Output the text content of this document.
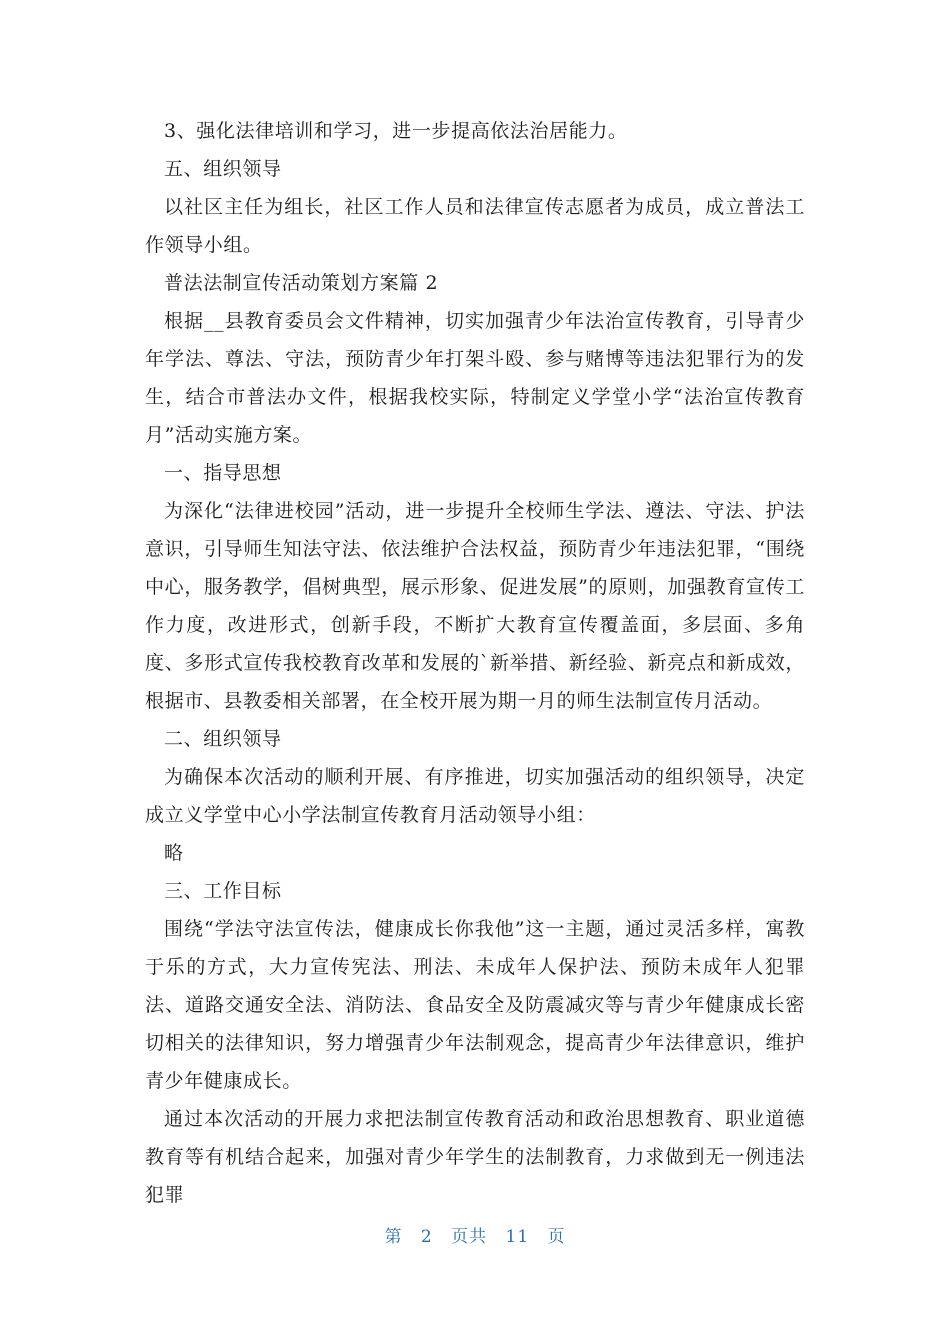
3、强化法律培训和学习，进一步提高依法治居能力。

五、组织领导

以社区主任为组长，社区工作人员和法律宣传志愿者为成员，成立普法工作领导小组。

普法法制宣传活动策划方案篇 2

根据__县教育委员会文件精神，切实加强青少年法治宣传教育，引导青少年学法、尊法、守法，预防青少年打架斗殴、参与赌博等违法犯罪行为的发生，结合市普法办文件，根据我校实际，特制定义学堂小学“法治宣传教育月”活动实施方案。

一、指导思想

为深化“法律进校园”活动，进一步提升全校师生学法、遵法、守法、护法意识，引导师生知法守法、依法维护合法权益，预防青少年违法犯罪，“围绕中心，服务教学，倡树典型，展示形象、促进发展”的原则，加强教育宣传工作力度，改进形式，创新手段，不断扩大教育宣传覆盖面，多层面、多角度、多形式宣传我校教育改革和发展的`新举措、新经验、新亮点和新成效，根据市、县教委相关部署，在全校开展为期一月的师生法制宣传月活动。

二、组织领导

为确保本次活动的顺利开展、有序推进，切实加强活动的组织领导，决定成立义学堂中心小学法制宣传教育月活动领导小组：

略

三、工作目标

围绕“学法守法宣传法，健康成长你我他”这一主题，通过灵活多样，寓教于乐的方式，大力宣传宪法、刑法、未成年人保护法、预防未成年人犯罪法、道路交通安全法、消防法、食品安全及防震减灾等与青少年健康成长密切相关的法律知识，努力增强青少年法制观念，提高青少年法律意识，维护青少年健康成长。

通过本次活动的开展力求把法制宣传教育活动和政治思想教育、职业道德教育等有机结合起来，加强对青少年学生的法制教育，力求做到无一例违法犯罪

第 2 页共 11 页
